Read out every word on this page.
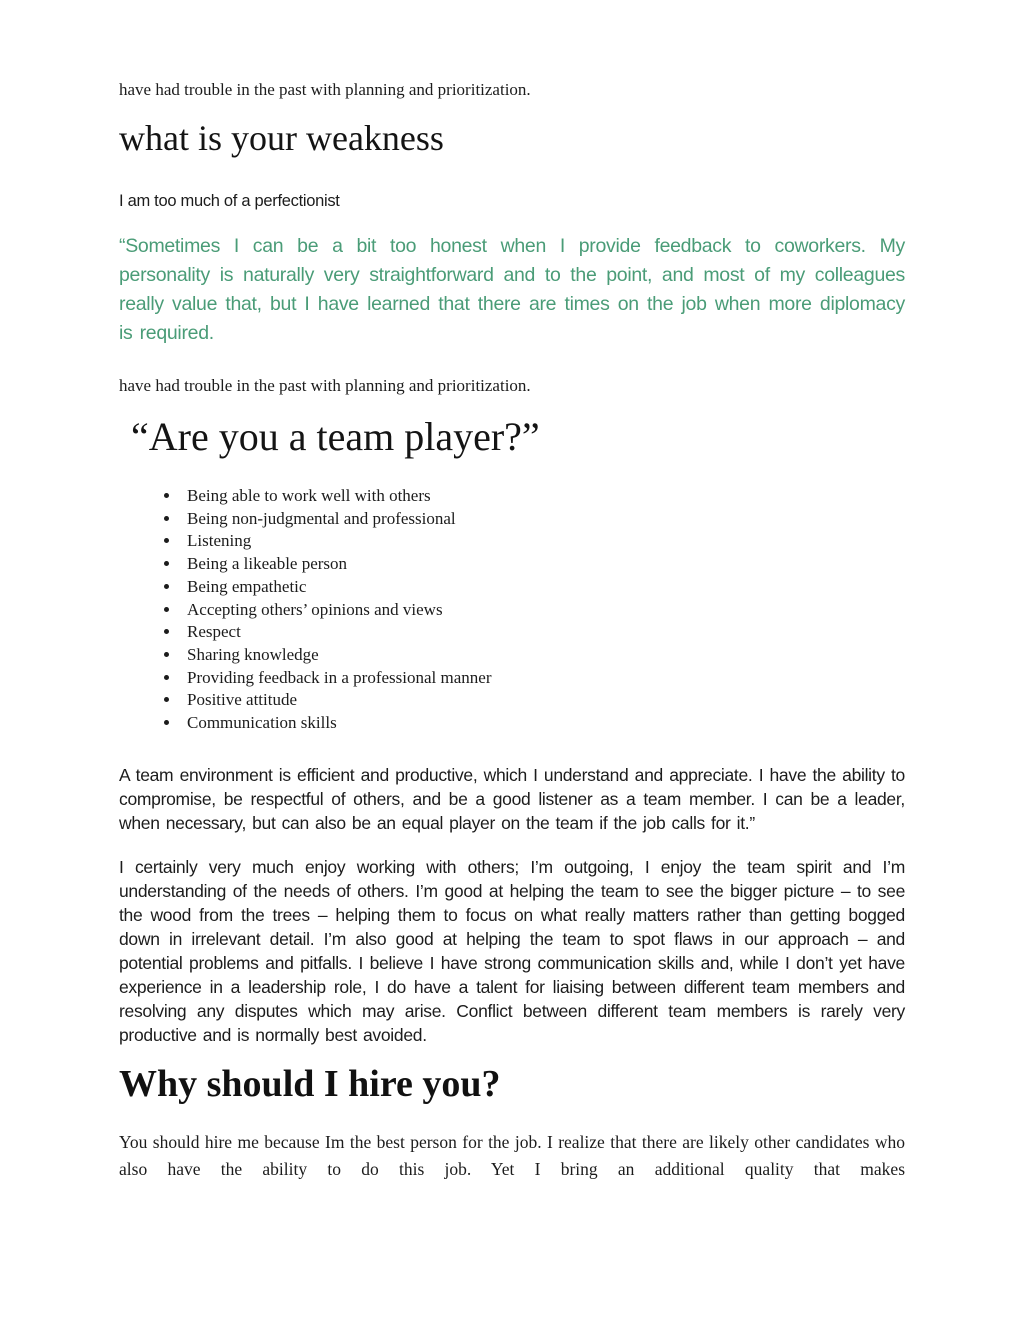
have had trouble in the past with planning and prioritization.

what is your weakness

I am too much of a perfectionist

“Sometimes I can be a bit too honest when I provide feedback to coworkers. My personality is naturally very straightforward and to the point, and most of my colleagues really value that, but I have learned that there are times on the job when more diplomacy is required.

have had trouble in the past with planning and prioritization.

“Are you a team player?”
• Being able to work well with others
• Being non-judgmental and professional
• Listening
• Being a likeable person
• Being empathetic
• Accepting others’ opinions and views
• Respect
• Sharing knowledge
• Providing feedback in a professional manner
• Positive attitude
• Communication skills

A team environment is efficient and productive, which I understand and appreciate. I have the ability to compromise, be respectful of others, and be a good listener as a team member. I can be a leader, when necessary, but can also be an equal player on the team if the job calls for it.”

I certainly very much enjoy working with others; I’m outgoing, I enjoy the team spirit and I’m understanding of the needs of others. I’m good at helping the team to see the bigger picture – to see the wood from the trees – helping them to focus on what really matters rather than getting bogged down in irrelevant detail. I’m also good at helping the team to spot flaws in our approach – and potential problems and pitfalls. I believe I have strong communication skills and, while I don’t yet have experience in a leadership role, I do have a talent for liaising between different team members and resolving any disputes which may arise. Conflict between different team members is rarely very productive and is normally best avoided.

Why should I hire you?

You should hire me because Im the best person for the job. I realize that there are likely other candidates who also have the ability to do this job. Yet I bring an additional quality that makes
